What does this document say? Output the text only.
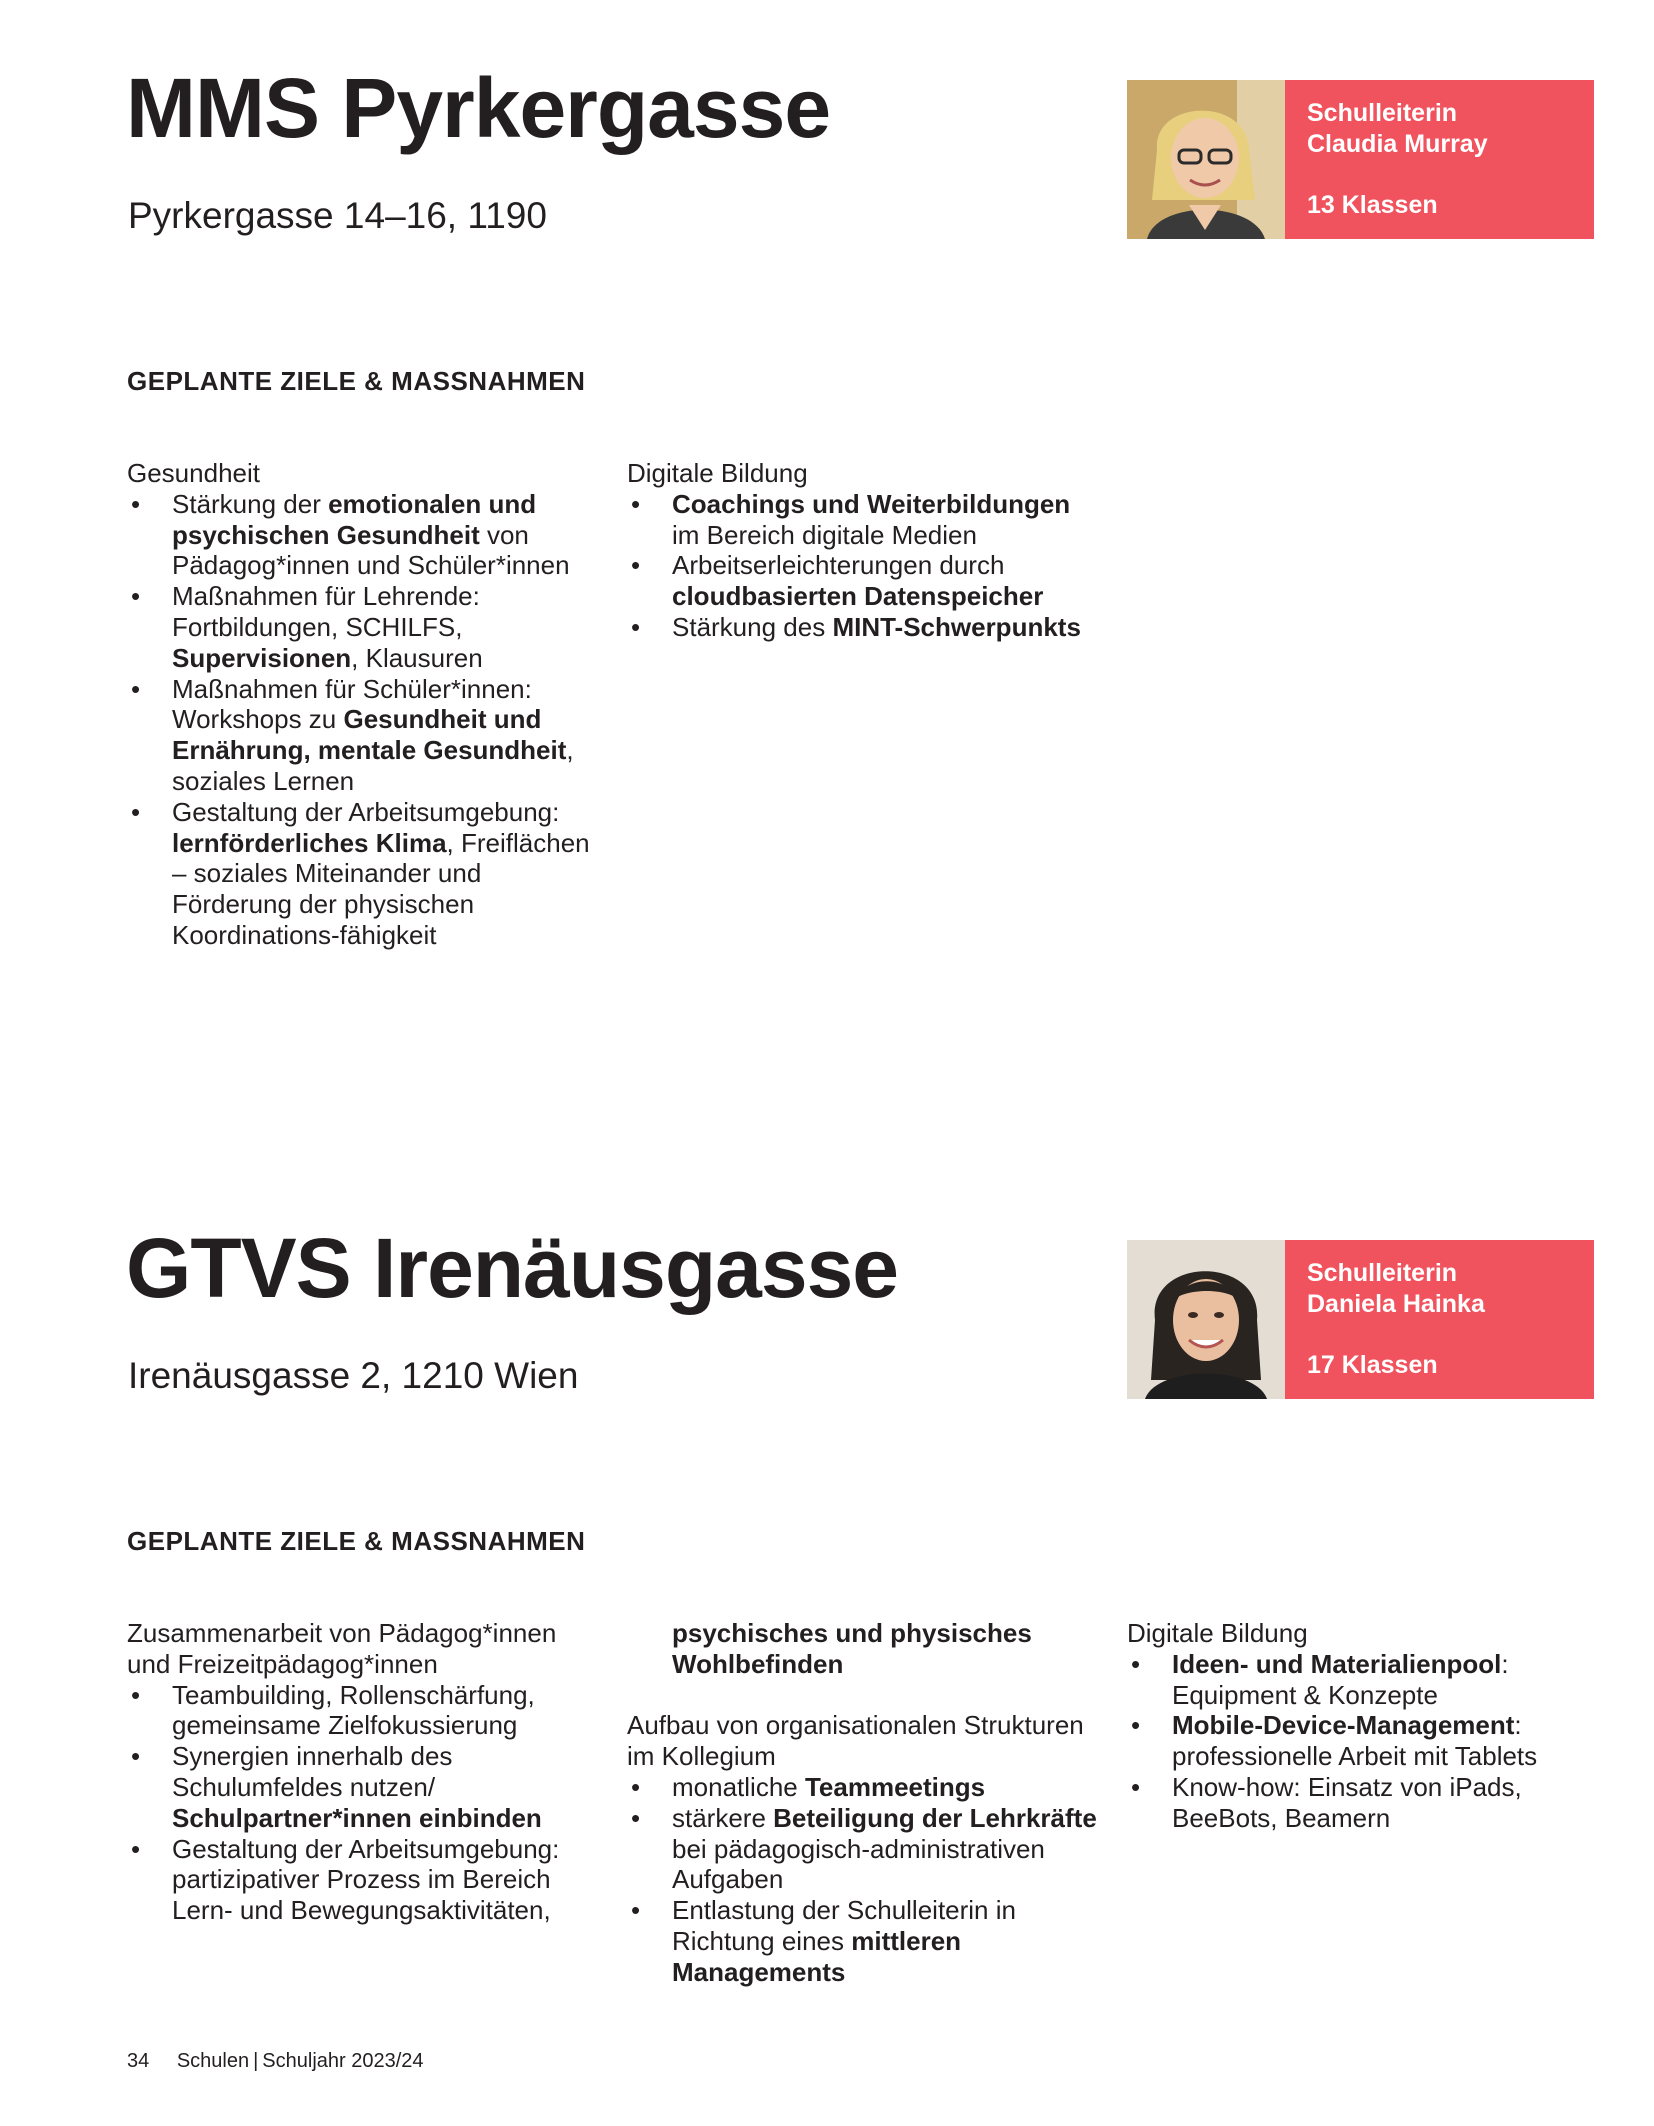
MMS Pyrkergasse

Pyrkergasse 14–16, 1190

Schulleiterin
Claudia Murray
13 Klassen
GEPLANTE ZIELE & MASSNAHMEN
Gesundheit
• Stärkung der emotionalen und psychischen Gesundheit von Pädagog*innen und Schüler*innen
• Maßnahmen für Lehrende: Fortbildungen, SCHILFS, Supervisionen, Klausuren
• Maßnahmen für Schüler*innen: Workshops zu Gesundheit und Ernährung, mentale Gesundheit, soziales Lernen
• Gestaltung der Arbeitsumgebung: lernförderliches Klima, Freiflächen – soziales Miteinander und Förderung der physischen Koordinations-fähigkeit
Digitale Bildung
• Coachings und Weiterbildungen im Bereich digitale Medien
• Arbeitserleichterungen durch cloudbasierten Datenspeicher
• Stärkung des MINT-Schwerpunkts
GTVS Irenäusgasse

Irenäusgasse 2, 1210 Wien

Schulleiterin
Daniela Hainka
17 Klassen
GEPLANTE ZIELE & MASSNAHMEN
Zusammenarbeit von Pädagog*innen und Freizeitpädagog*innen
• Teambuilding, Rollenschärfung, gemeinsame Zielfokussierung
• Synergien innerhalb des Schulumfeldes nutzen/ Schulpartner*innen einbinden
• Gestaltung der Arbeitsumgebung: partizipativer Prozess im Bereich Lern- und Bewegungsaktivitäten,
psychisches und physisches Wohlbefinden
Aufbau von organisationalen Strukturen im Kollegium
• monatliche Teammeetings
• stärkere Beteiligung der Lehrkräfte bei pädagogisch-administrativen Aufgaben
• Entlastung der Schulleiterin in Richtung eines mittleren Managements
Digitale Bildung
• Ideen- und Materialienpool: Equipment & Konzepte
• Mobile-Device-Management: professionelle Arbeit mit Tablets
• Know-how: Einsatz von iPads, BeeBots, Beamern
34 Schulen | Schuljahr 2023/24
